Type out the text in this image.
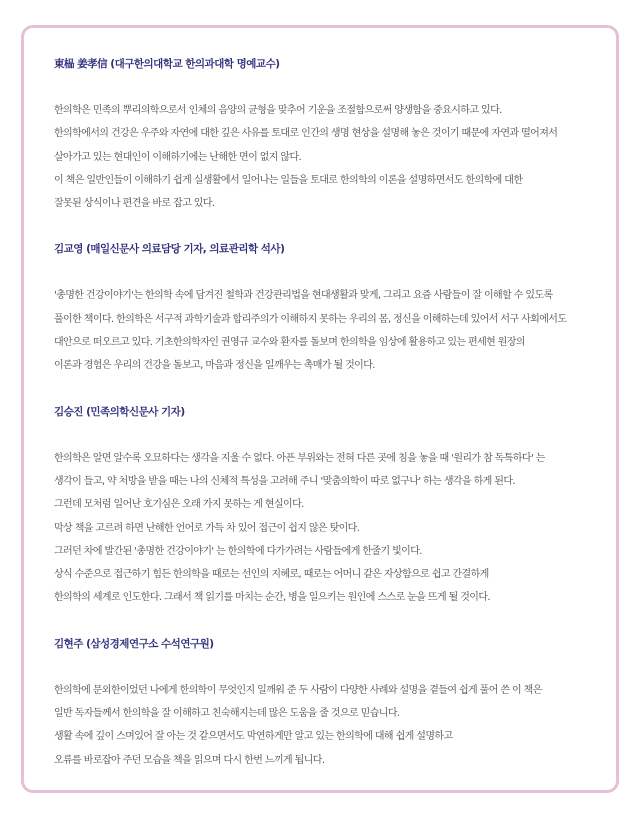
東榀 姜孝信 (대구한의대학교 한의과대학 명예교수)
한의학은 민족의 뿌리의학으로서 인체의 음양의 균형을 맞추어 기운을 조절함으로써 양생함을 중요시하고 있다.
한의학에서의 건강은 우주와 자연에 대한 깊은 사유를 토대로 인간의 생명 현상을 설명해 놓은 것이기 때문에 자연과 떨어져서
살아가고 있는 현대인이 이해하기에는 난해한 면이 없지 않다.
이 책은 일반인들이 이해하기 쉽게 실생활에서 일어나는 일들을 토대로 한의학의 이론을 설명하면서도 한의학에 대한
잘못된 상식이나 편견을 바로 잡고 있다.
김교영 (매일신문사 의료담당 기자, 의료관리학 석사)
'총명한 건강이야기'는 한의학 속에 담겨진 철학과 건강관리법을 현대생활과 맞게, 그리고 요즘 사람들이 잘 이해할 수 있도록
풀이한 책이다. 한의학은 서구적 과학기술과 합리주의가 이해하지 못하는 우리의 몸, 정신을 이해하는데 있어서 서구 사회에서도
대안으로 떠오르고 있다. 기초한의학자인 권영규 교수와 환자를 돌보며 한의학을 임상에 활용하고 있는 편세현 원장의
이론과 경험은 우리의 건강을 돌보고, 마음과 정신을 일깨우는 촉매가 될 것이다.
김승진 (민족의학신문사 기자)
한의학은 알면 알수록 오묘하다는 생각을 지울 수 없다. 아픈 부위와는 전혀 다른 곳에 침을 놓을 때 '원리가 참 독특하다' 는
생각이 들고, 약 처방을 받을 때는 나의 신체적 특성을 고려해 주니 '맞춤의학이 따로 없구나' 하는 생각을 하게 된다.
그런데 모처럼 일어난 호기심은 오래 가지 못하는 게 현실이다.
막상 책을 고르려 하면 난해한 언어로 가득 차 있어 접근이 쉽지 않은 탓이다.
그러던 차에 발간된 '총명한 건강이야기' 는 한의학에 다가가려는 사람들에게 한줄기 빛이다.
상식 수준으로 접근하기 힘든 한의학을 때로는 선인의 지혜로, 때로는 어머니 같은 자상함으로 쉽고 간결하게
한의학의 세계로 인도한다. 그래서 책 읽기를 마치는 순간, 병을 일으키는 원인에 스스로 눈을 뜨게 될 것이다.
김현주 (삼성경제연구소 수석연구원)
한의학에 문외한이었던 나에게 한의학이 무엇인지 일깨워 준 두 사람이 다양한 사례와 설명을 곁들여 쉽게 풀어 쓴 이 책은
일반 독자들께서 한의학을 잘 이해하고 친숙해지는데 많은 도움을 줄 것으로 믿습니다.
생활 속에 깊이 스며있어 잘 아는 것 같으면서도 막연하게만 알고 있는 한의학에 대해 쉽게 설명하고
오류를 바로잡아 주던 모습을 책을 읽으며 다시 한번 느끼게 됩니다.
